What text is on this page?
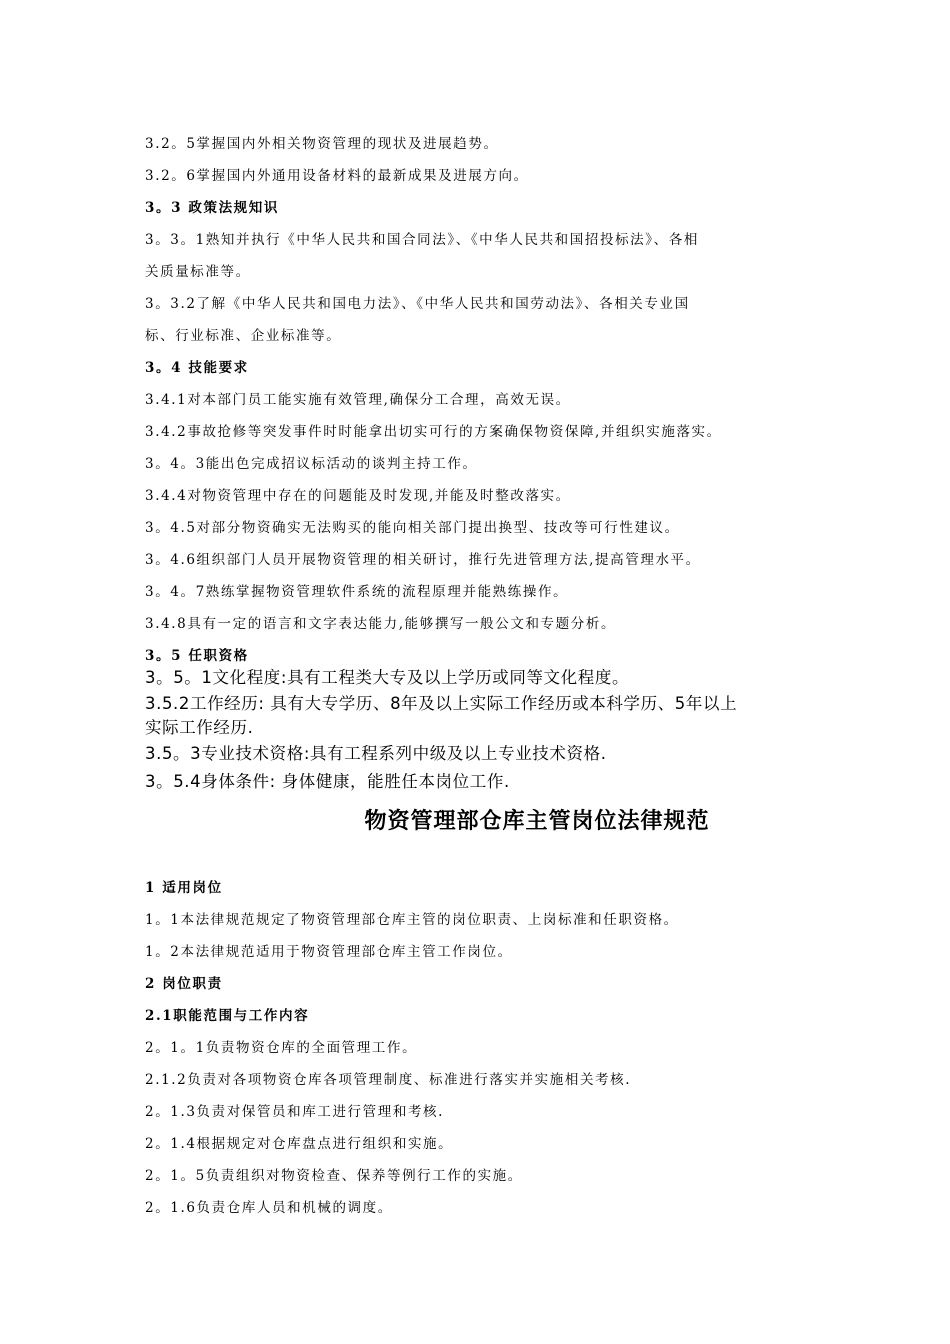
3.2。5掌握国内外相关物资管理的现状及进展趋势。
3.2。6掌握国内外通用设备材料的最新成果及进展方向。
3。3 政策法规知识
3。3。1熟知并执行《中华人民共和国合同法》、《中华人民共和国招投标法》、各相
关质量标准等。
3。3.2了解《中华人民共和国电力法》、《中华人民共和国劳动法》、各相关专业国
标、行业标准、企业标准等。
3。4 技能要求
3.4.1对本部门员工能实施有效管理,确保分工合理，高效无误。
3.4.2事故抢修等突发事件时时能拿出切实可行的方案确保物资保障,并组织实施落实。
3。4。3能出色完成招议标活动的谈判主持工作。
3.4.4对物资管理中存在的问题能及时发现,并能及时整改落实。
3。4.5对部分物资确实无法购买的能向相关部门提出换型、技改等可行性建议。
3。4.6组织部门人员开展物资管理的相关研讨，推行先进管理方法,提高管理水平。
3。4。7熟练掌握物资管理软件系统的流程原理并能熟练操作。
3.4.8具有一定的语言和文字表达能力,能够撰写一般公文和专题分析。
3。5 任职资格
3。5。1文化程度:具有工程类大专及以上学历或同等文化程度。
3.5.2工作经历: 具有大专学历、8年及以上实际工作经历或本科学历、5年以上
实际工作经历.
3.5。3专业技术资格:具有工程系列中级及以上专业技术资格.
3。5.4身体条件: 身体健康，能胜任本岗位工作.
物资管理部仓库主管岗位法律规范
1 适用岗位
1。1本法律规范规定了物资管理部仓库主管的岗位职责、上岗标准和任职资格。
1。2本法律规范适用于物资管理部仓库主管工作岗位。
2 岗位职责
2.1职能范围与工作内容
2。1。1负责物资仓库的全面管理工作。
2.1.2负责对各项物资仓库各项管理制度、标准进行落实并实施相关考核.
2。1.3负责对保管员和库工进行管理和考核.
2。1.4根据规定对仓库盘点进行组织和实施。
2。1。5负责组织对物资检查、保养等例行工作的实施。
2。1.6负责仓库人员和机械的调度。
